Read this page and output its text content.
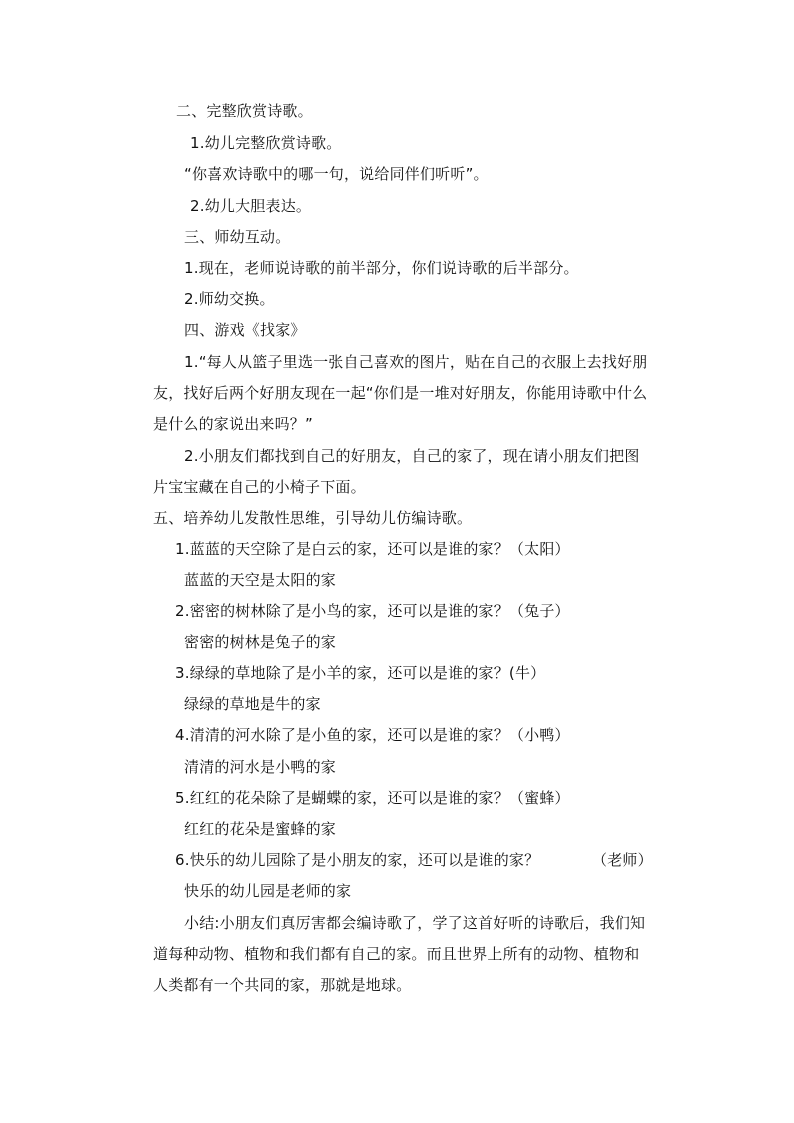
二、完整欣赏诗歌。
1.幼儿完整欣赏诗歌。
“你喜欢诗歌中的哪一句，说给同伴们听听”。
2.幼儿大胆表达。
三、师幼互动。
1.现在，老师说诗歌的前半部分，你们说诗歌的后半部分。
2.师幼交换。
四、游戏《找家》
1.“每人从篮子里选一张自己喜欢的图片，贴在自己的衣服上去找好朋
友，找好后两个好朋友现在一起“你们是一堆对好朋友，你能用诗歌中什么
是什么的家说出来吗？”
2.小朋友们都找到自己的好朋友，自己的家了，现在请小朋友们把图
片宝宝藏在自己的小椅子下面。
五、培养幼儿发散性思维，引导幼儿仿编诗歌。
1.蓝蓝的天空除了是白云的家，还可以是谁的家？（太阳）
蓝蓝的天空是太阳的家
2.密密的树林除了是小鸟的家，还可以是谁的家？（兔子）
密密的树林是兔子的家
3.绿绿的草地除了是小羊的家，还可以是谁的家？(牛）
绿绿的草地是牛的家
4.清清的河水除了是小鱼的家，还可以是谁的家？（小鸭）
清清的河水是小鸭的家
5.红红的花朵除了是蝴蝶的家，还可以是谁的家？（蜜蜂）
红红的花朵是蜜蜂的家
6.快乐的幼儿园除了是小朋友的家，还可以是谁的家？	（老师）
快乐的幼儿园是老师的家
小结:小朋友们真厉害都会编诗歌了，学了这首好听的诗歌后，我们知
道每种动物、植物和我们都有自己的家。而且世界上所有的动物、植物和
人类都有一个共同的家，那就是地球。
